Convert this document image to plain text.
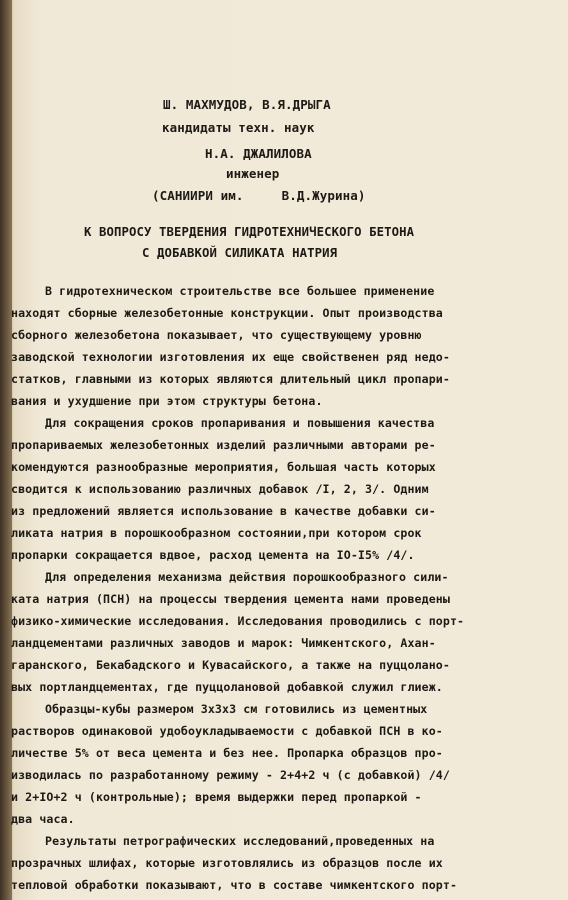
Ш. МАХМУДОВ, В.Я.ДРЫГА
кандидаты техн. наук
Н.А. ДЖАЛИЛОВА
инженер
(САНИИРИ им.     В.Д.Журина)
К ВОПРОСУ ТВЕРДЕНИЯ ГИДРОТЕХНИЧЕСКОГО БЕТОНА
С ДОБАВКОЙ СИЛИКАТА НАТРИЯ
В гидротехническом строительстве все большее применение
находят сборные железобетонные конструкции. Опыт производства
сборного железобетона показывает, что существующему уровню
заводской технологии изготовления их еще свойственен ряд недо-
статков, главными из которых являются длительный цикл пропари-
вания и ухудшение при этом структуры бетона.
Для сокращения сроков пропаривания и повышения качества
пропариваемых железобетонных изделий различными авторами ре-
комендуются разнообразные мероприятия, большая часть которых
сводится к использованию различных добавок /I, 2, 3/. Одним
из предложений является использование в качестве добавки си-
ликата натрия в порошкообразном состоянии,при котором срок
пропарки сокращается вдвое, расход цемента на IO-I5% /4/.
Для определения механизма действия порошкообразного сили-
ката натрия (ПСН) на процессы твердения цемента нами проведены
физико-химические исследования. Исследования проводились с порт-
ландцементами различных заводов и марок: Чимкентского, Ахан-
гаранского, Бекабадского и Кувасайского, а также на пуццолано-
вых портландцементах, где пуццолановой добавкой служил глиеж.
Образцы-кубы размером 3х3х3 см готовились из цементных
растворов одинаковой удобоукладываемости с добавкой ПСН в ко-
личестве 5% от веса цемента и без нее. Пропарка образцов про-
изводилась по разработанному режиму - 2+4+2 ч (с добавкой) /4/
и 2+IO+2 ч (контрольные); время выдержки перед пропаркой -
два часа.
Результаты петрографических исследований,проведенных на
прозрачных шлифах, которые изготовлялись из образцов после их
тепловой обработки показывают, что в составе чимкентского порт-
